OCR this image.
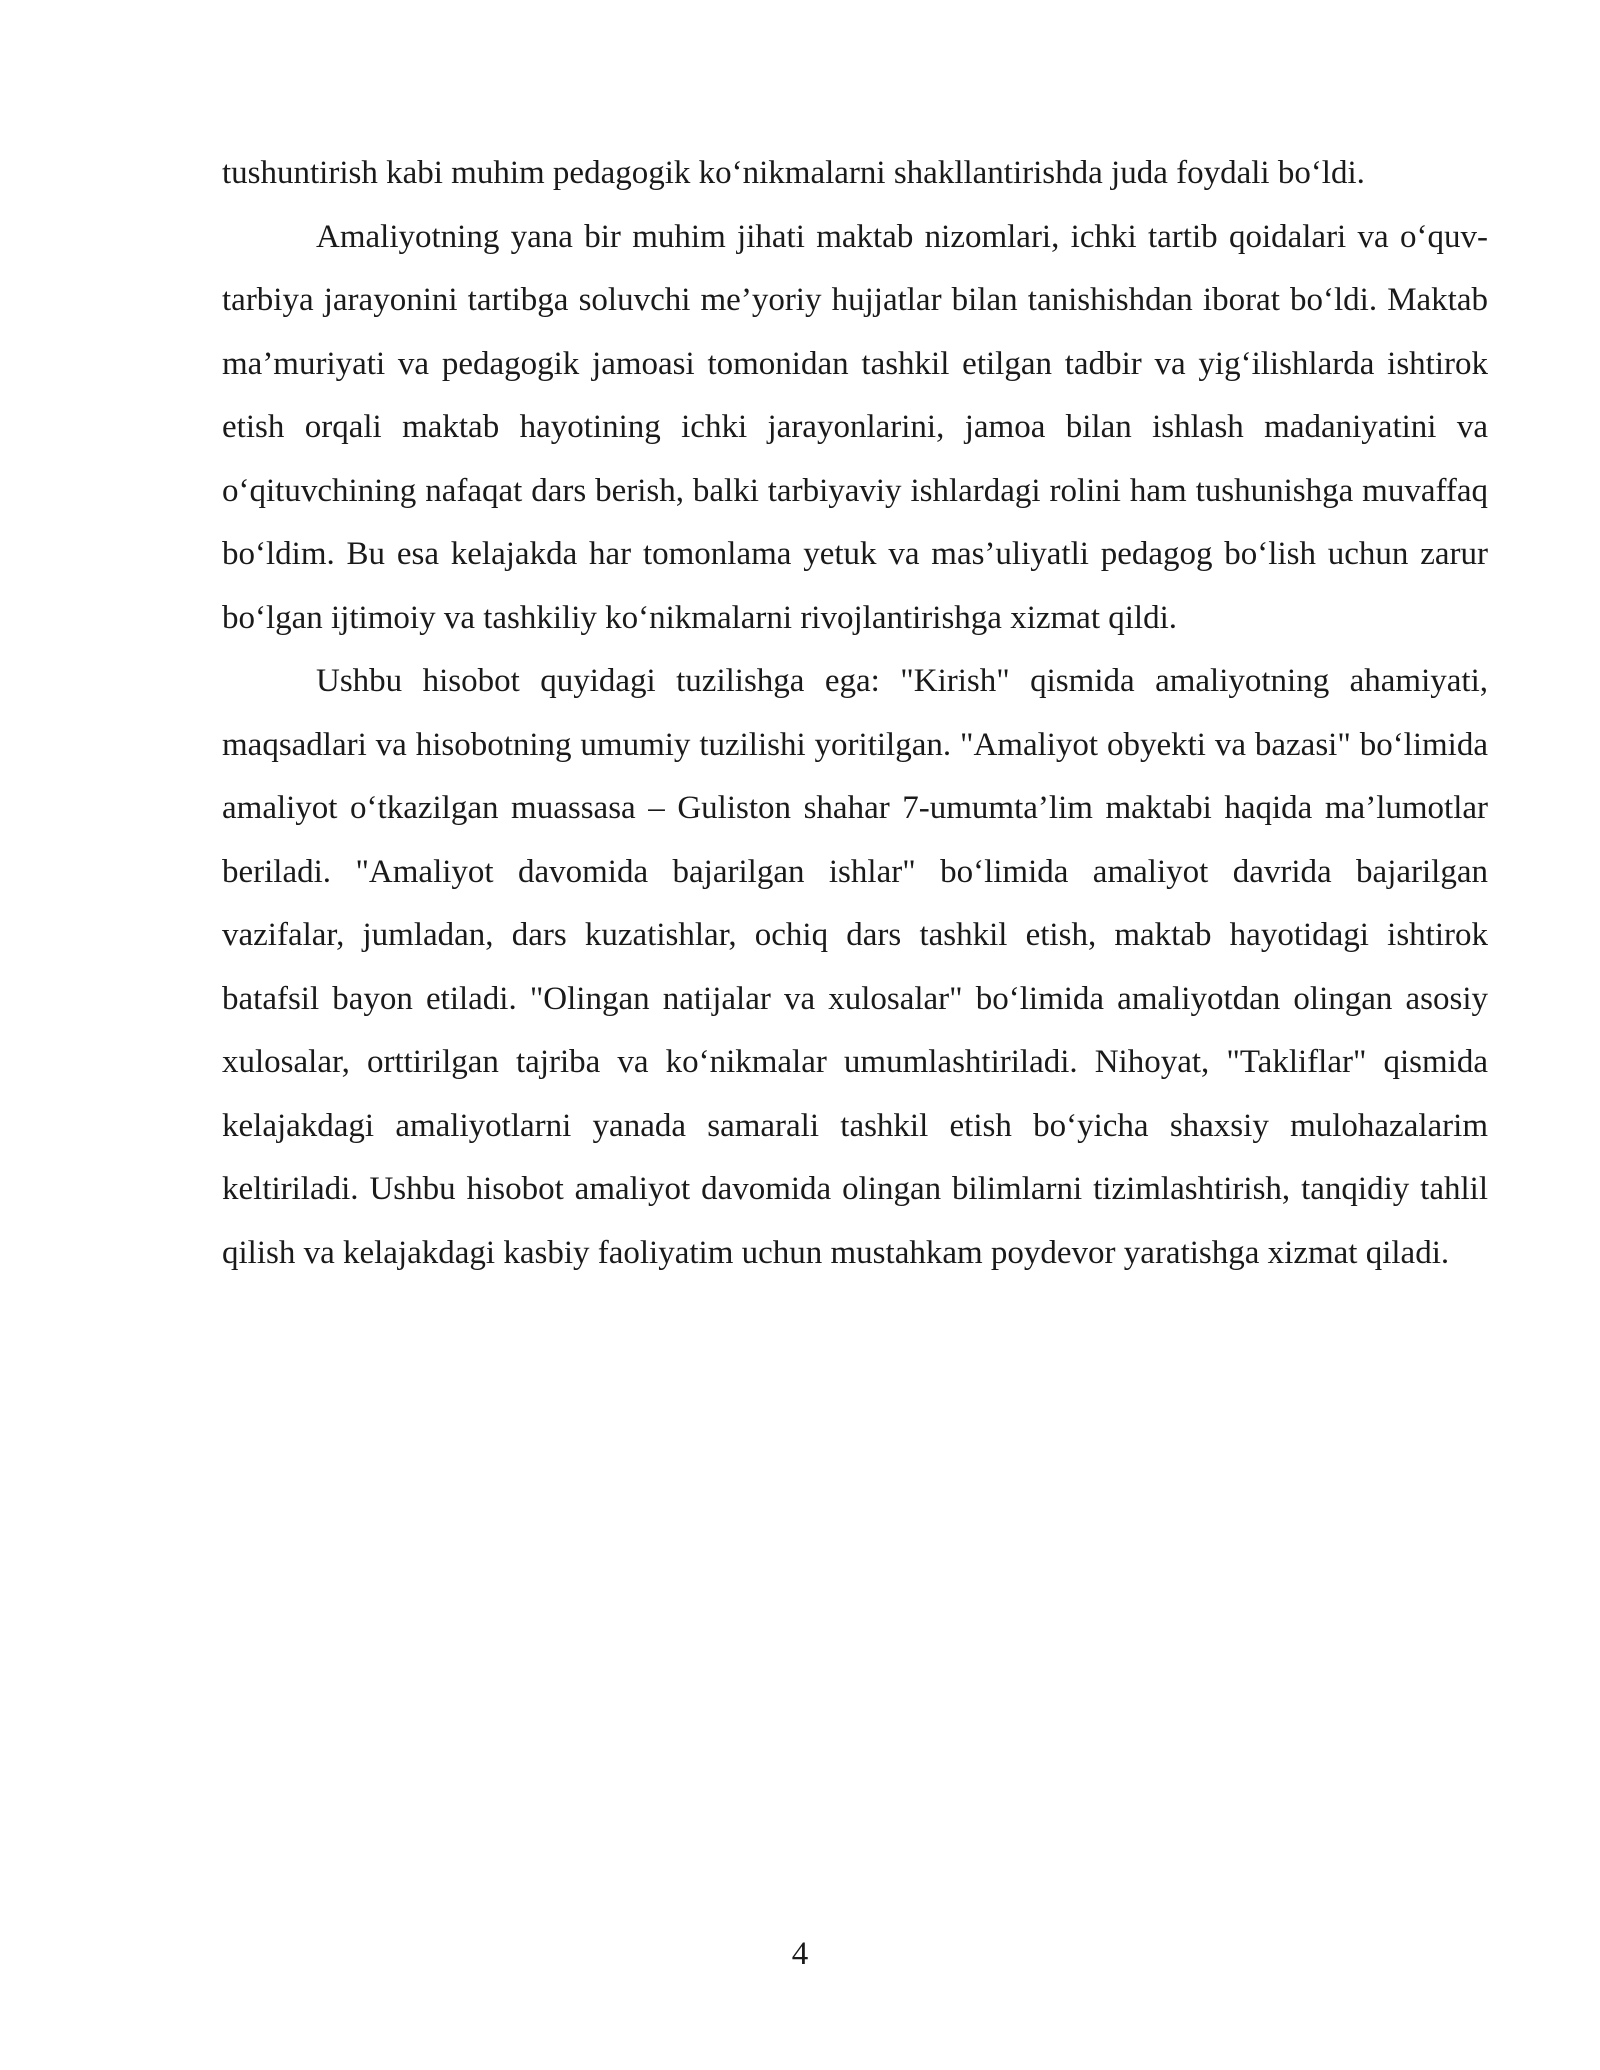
tushuntirish kabi muhim pedagogik ko‘nikmalarni shakllantirishda juda foydali bo‘ldi.

Amaliyotning yana bir muhim jihati maktab nizomlari, ichki tartib qoidalari va o‘quv-tarbiya jarayonini tartibga soluvchi me’yoriy hujjatlar bilan tanishishdan iborat bo‘ldi. Maktab ma’muriyati va pedagogik jamoasi tomonidan tashkil etilgan tadbir va yig‘ilishlarda ishtirok etish orqali maktab hayotining ichki jarayonlarini, jamoa bilan ishlash madaniyatini va o‘qituvchining nafaqat dars berish, balki tarbiyaviy ishlardagi rolini ham tushunishga muvaffaq bo‘ldim. Bu esa kelajakda har tomonlama yetuk va mas’uliyatli pedagog bo‘lish uchun zarur bo‘lgan ijtimoiy va tashkiliy ko‘nikmalarni rivojlantirishga xizmat qildi.

Ushbu hisobot quyidagi tuzilishga ega: "Kirish" qismida amaliyotning ahamiyati, maqsadlari va hisobotning umumiy tuzilishi yoritilgan. "Amaliyot obyekti va bazasi" bo‘limida amaliyot o‘tkazilgan muassasa – Guliston shahar 7-umumta’lim maktabi haqida ma’lumotlar beriladi. "Amaliyot davomida bajarilgan ishlar" bo‘limida amaliyot davrida bajarilgan vazifalar, jumladan, dars kuzatishlar, ochiq dars tashkil etish, maktab hayotidagi ishtirok batafsil bayon etiladi. "Olingan natijalar va xulosalar" bo‘limida amaliyotdan olingan asosiy xulosalar, orttirilgan tajriba va ko‘nikmalar umumlashtiriladi. Nihoyat, "Takliflar" qismida kelajakdagi amaliyotlarni yanada samarali tashkil etish bo‘yicha shaxsiy mulohazalarim keltiriladi. Ushbu hisobot amaliyot davomida olingan bilimlarni tizimlashtirish, tanqidiy tahlil qilish va kelajakdagi kasbiy faoliyatim uchun mustahkam poydevor yaratishga xizmat qiladi.

4
